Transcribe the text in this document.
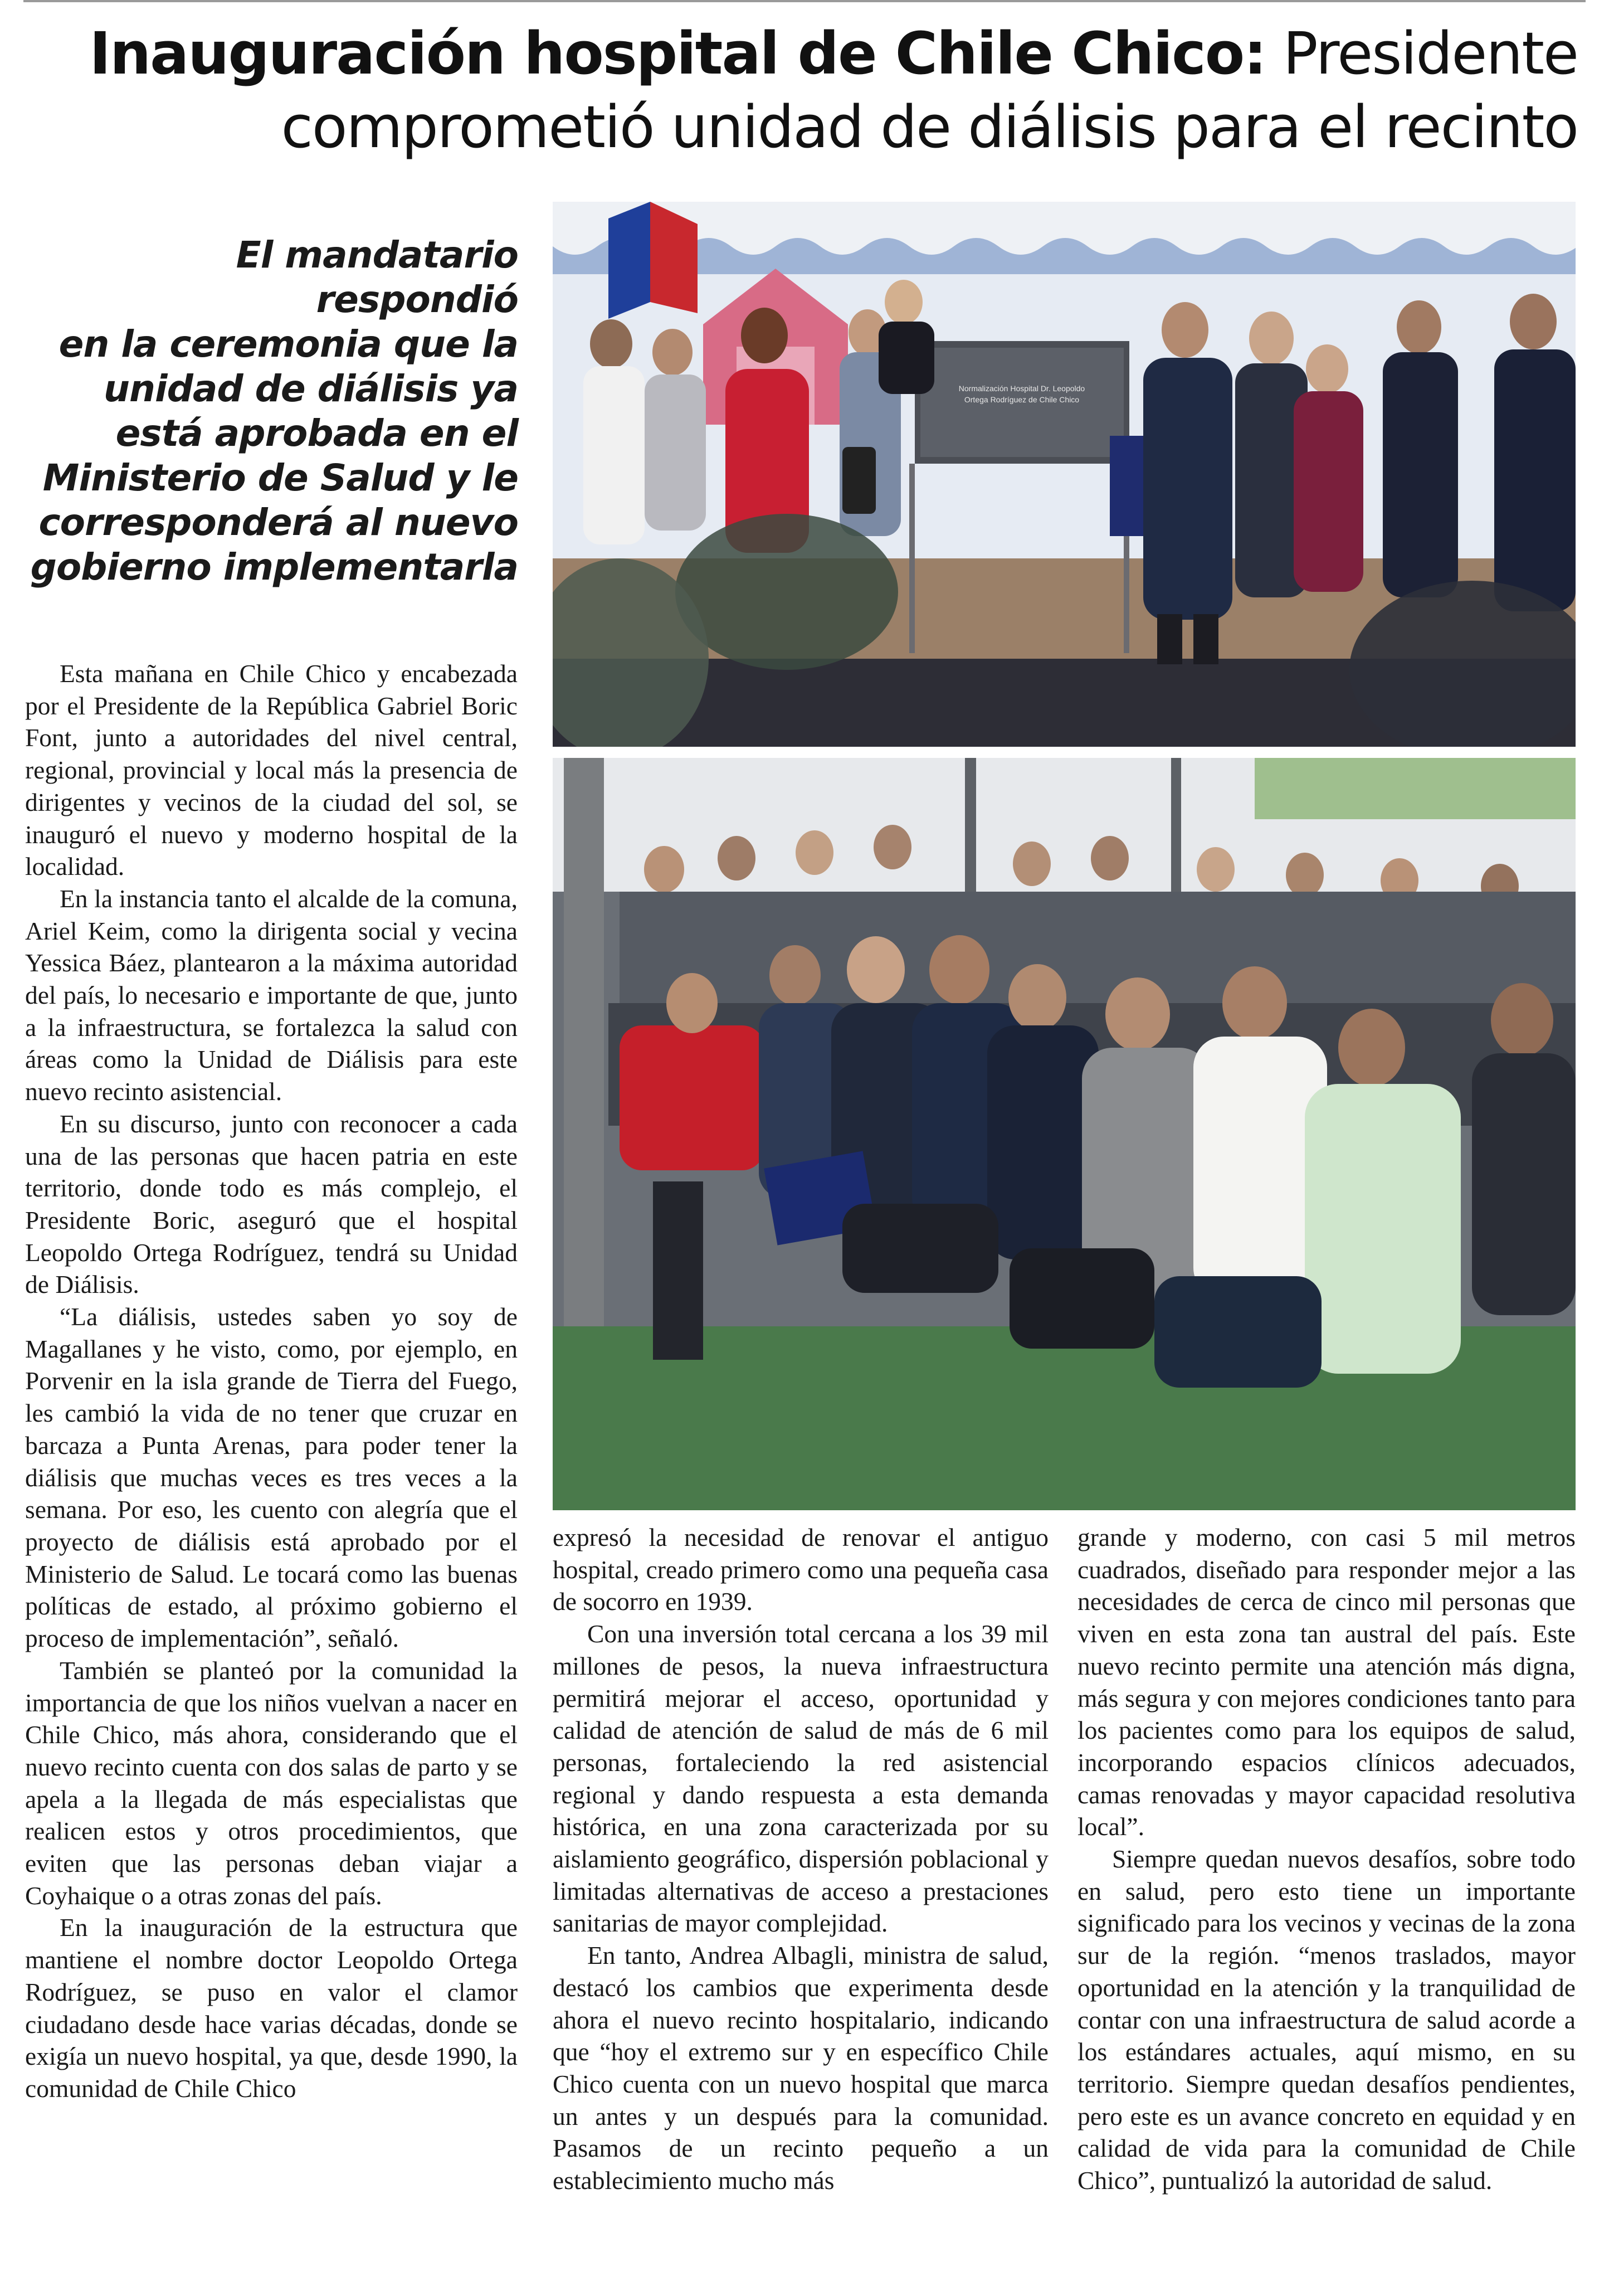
Inauguración hospital de Chile Chico: Presidente comprometió unidad de diálisis para el recinto
El mandatario respondió
en la ceremonia que la
unidad de diálisis ya
está aprobada en el
Ministerio de Salud y le
corresponderá al nuevo
gobierno implementarla
Normalización Hospital Dr. Leopoldo
Ortega Rodríguez de Chile Chico

Esta mañana en Chile Chico y encabezada por el Presidente de la República Gabriel Boric Font, junto a autoridades del nivel central, regional, provincial y local más la presencia de dirigentes y vecinos de la ciudad del sol, se inauguró el nuevo y moderno hospital de la localidad.

En la instancia tanto el alcalde de la comuna, Ariel Keim, como la dirigenta social y vecina Yessica Báez, plantearon a la máxima autoridad del país, lo necesario e importante de que, junto a la infraestructura, se fortalezca la salud con áreas como la Unidad de Diálisis para este nuevo recinto asistencial.

En su discurso, junto con reconocer a cada una de las personas que hacen patria en este territorio, donde todo es más complejo, el Presidente Boric, aseguró que el hospital Leopoldo Ortega Rodríguez, tendrá su Unidad de Diálisis.

“La diálisis, ustedes saben yo soy de Magallanes y he visto, como, por ejemplo, en Porvenir en la isla grande de Tierra del Fuego, les cambió la vida de no tener que cruzar en barcaza a Punta Arenas, para poder tener la diálisis que muchas veces es tres veces a la semana. Por eso, les cuento con alegría que el proyecto de diálisis está aprobado por el Ministerio de Salud. Le tocará como las buenas políticas de estado, al próximo gobierno el proceso de implementación”, señaló.

También se planteó por la comunidad la importancia de que los niños vuelvan a nacer en Chile Chico, más ahora, considerando que el nuevo recinto cuenta con dos salas de parto y se apela a la llegada de más especialistas que realicen estos y otros procedimientos, que eviten que las personas deban viajar a Coyhaique o a otras zonas del país.

En la inauguración de la estructura que mantiene el nombre doctor Leopoldo Ortega Rodríguez, se puso en valor el clamor ciudadano desde hace varias décadas, donde se exigía un nuevo hospital, ya que, desde 1990, la comunidad de Chile Chico

expresó la necesidad de renovar el antiguo hospital, creado primero como una pequeña casa de socorro en 1939.

Con una inversión total cercana a los 39 mil millones de pesos, la nueva infraestructura permitirá mejorar el acceso, oportunidad y calidad de atención de salud de más de 6 mil personas, fortaleciendo la red asistencial regional y dando respuesta a esta demanda histórica, en una zona caracterizada por su aislamiento geográfico, dispersión poblacional y limitadas alternativas de acceso a prestaciones sanitarias de mayor complejidad.

En tanto, Andrea Albagli, ministra de salud, destacó los cambios que experimenta desde ahora el nuevo recinto hospitalario, indicando que “hoy el extremo sur y en específico Chile Chico cuenta con un nuevo hospital que marca un antes y un después para la comunidad. Pasamos de un recinto pequeño a un establecimiento mucho más

grande y moderno, con casi 5 mil metros cuadrados, diseñado para responder mejor a las necesidades de cerca de cinco mil personas que viven en esta zona tan austral del país. Este nuevo recinto permite una atención más digna, más segura y con mejores condiciones tanto para los pacientes como para los equipos de salud, incorporando espacios clínicos adecuados, camas renovadas y mayor capacidad resolutiva local”.

Siempre quedan nuevos desafíos, sobre todo en salud, pero esto tiene un importante significado para los vecinos y vecinas de la zona sur de la región. “menos traslados, mayor oportunidad en la atención y la tranquilidad de contar con una infraestructura de salud acorde a los estándares actuales, aquí mismo, en su territorio. Siempre quedan desafíos pendientes, pero este es un avance concreto en equidad y en calidad de vida para la comunidad de Chile Chico”, puntualizó la autoridad de salud.
